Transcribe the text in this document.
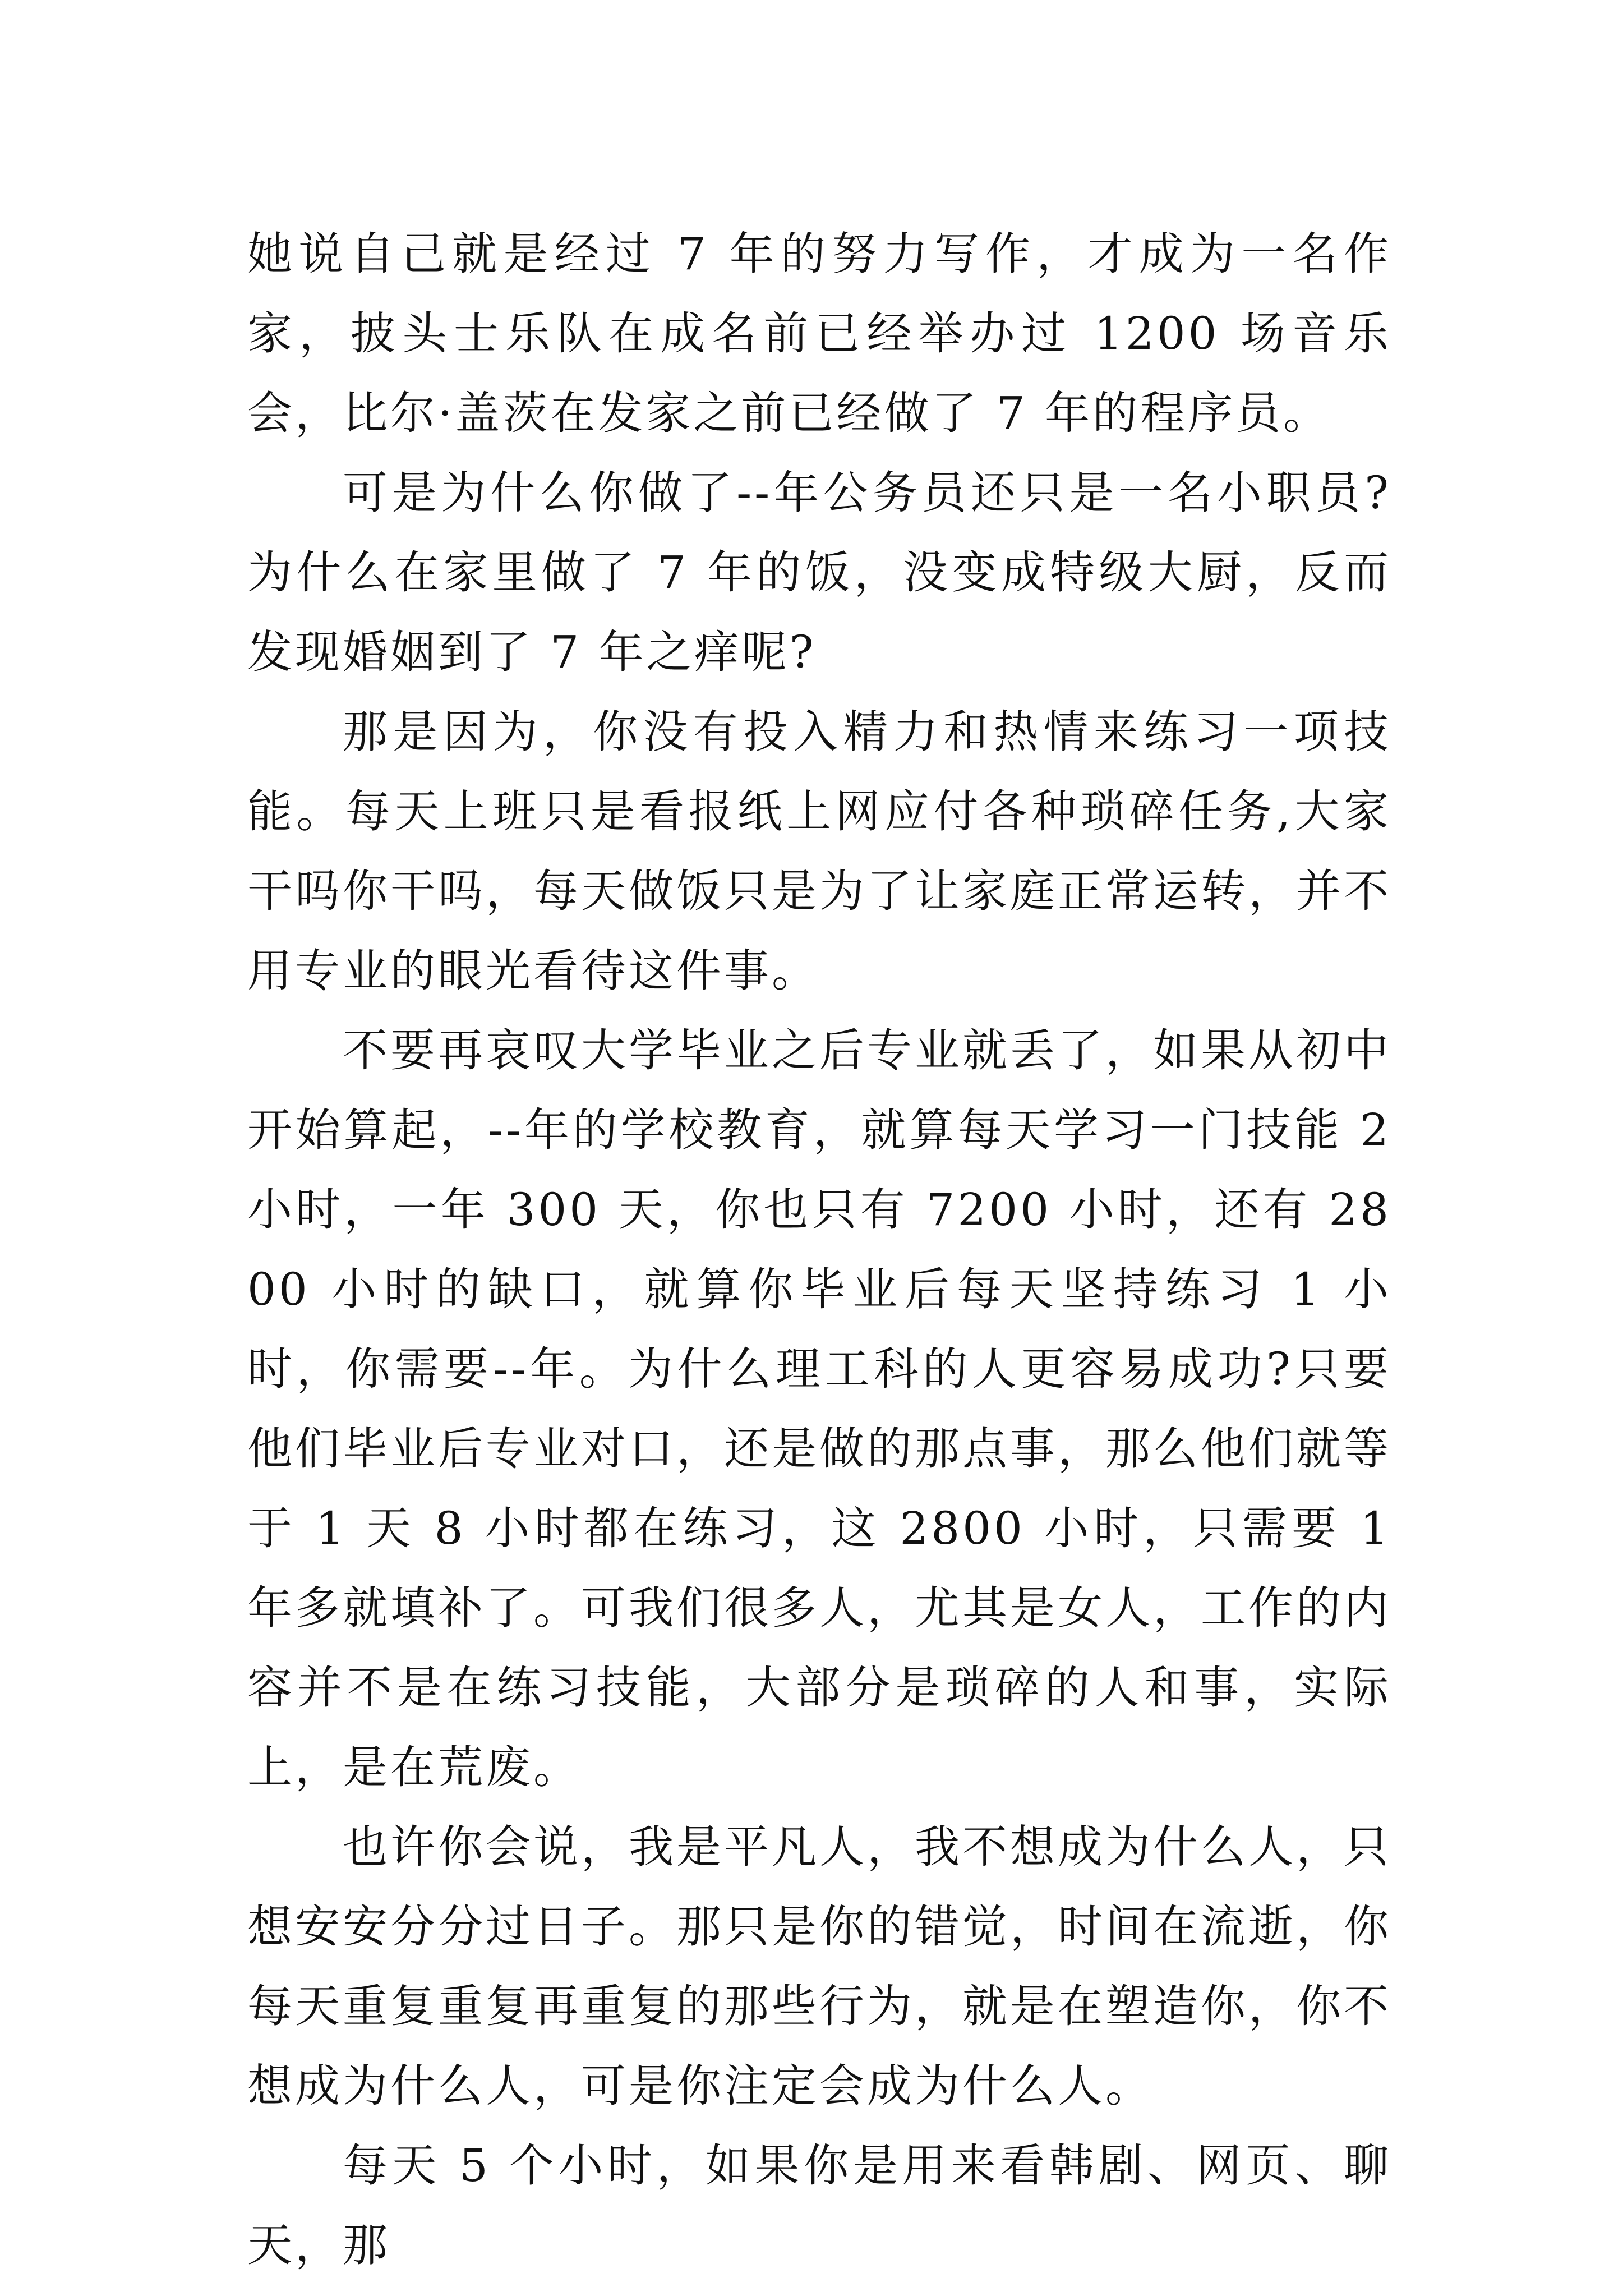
她说自己就是经过 7 年的努力写作，才成为一名作家，披头士乐队在成名前已经举办过 1200 场音乐会，比尔·盖茨在发家之前已经做了 7 年的程序员。

可是为什么你做了--年公务员还只是一名小职员?为什么在家里做了 7 年的饭，没变成特级大厨，反而发现婚姻到了 7 年之痒呢?

那是因为，你没有投入精力和热情来练习一项技能。每天上班只是看报纸上网应付各种琐碎任务,大家干吗你干吗，每天做饭只是为了让家庭正常运转，并不用专业的眼光看待这件事。

不要再哀叹大学毕业之后专业就丢了，如果从初中开始算起，--年的学校教育，就算每天学习一门技能 2 小时，一年 300 天，你也只有 7200 小时，还有 2800 小时的缺口，就算你毕业后每天坚持练习 1 小时，你需要--年。为什么理工科的人更容易成功?只要他们毕业后专业对口，还是做的那点事，那么他们就等于 1 天 8 小时都在练习，这 2800 小时，只需要 1 年多就填补了。可我们很多人，尤其是女人，工作的内容并不是在练习技能，大部分是琐碎的人和事，实际上，是在荒废。

也许你会说，我是平凡人，我不想成为什么人，只想安安分分过日子。那只是你的错觉，时间在流逝，你每天重复重复再重复的那些行为，就是在塑造你，你不想成为什么人，可是你注定会成为什么人。

每天 5 个小时，如果你是用来看韩剧、网页、聊天，那
